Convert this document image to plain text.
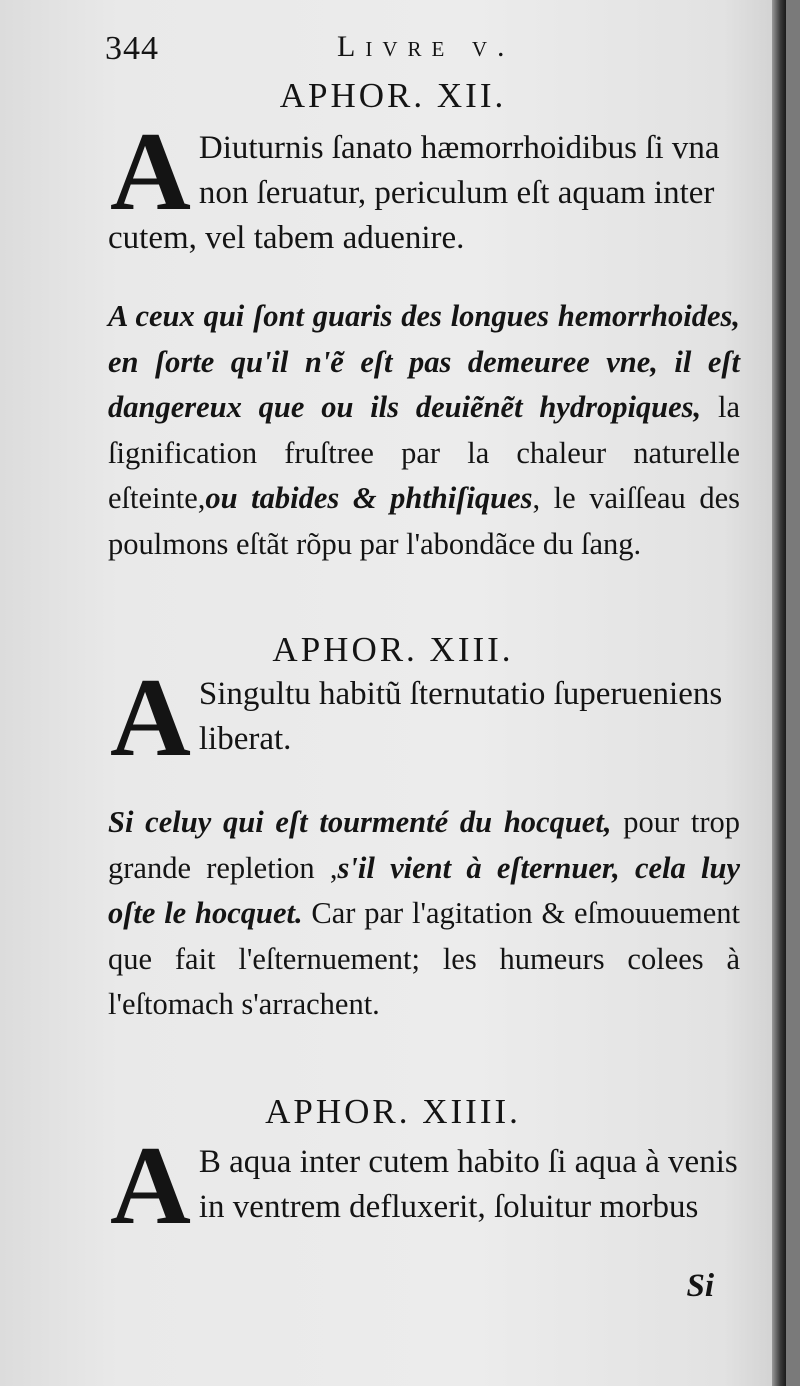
344	Livre v.
APHOR. XII.
A Diuturnis ſanato hæmorrhoidibus ſi vna non ſeruatur, periculum eſt aquam inter cutem, vel tabem aduenire.
A ceux qui ſont guaris des longues hemorrhoides, en ſorte qu'il n'ẽ eſt pas demeuree vne, il eſt dangereux que ou ils deuiẽnẽt hydropiques, la ſignification fruſtree par la chaleur naturelle eſteinte,ou tabides & phthiſiques, le vaiſſeau des poulmons eſtãt rõpu par l'abondãce du ſang.
APHOR. XIII.
A Singultu habitũ ſternutatio ſuperueniens liberat.
Si celuy qui eſt tourmenté du hocquet, pour trop grande repletion ,s'il vient à eſternuer, cela luy oſte le hocquet. Car par l'agitation & eſmouuement que fait l'eſternuement; les humeurs colees à l'eſtomach s'arrachent.
APHOR. XIIII.
A B aqua inter cutem habito ſi aqua à venis in ventrem defluxerit, ſoluitur morbus
Si
